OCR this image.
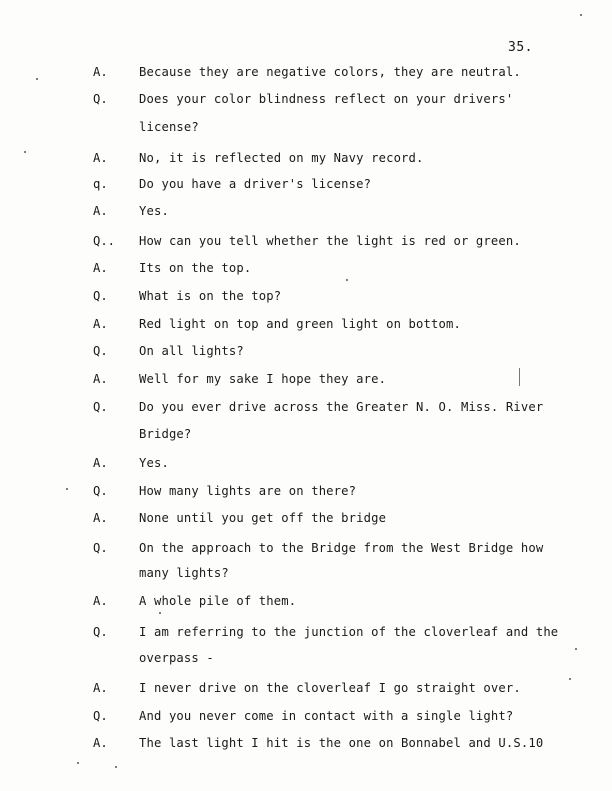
35.
A.	Because they are negative colors, they are neutral.
Q.	Does your color blindness reflect on your drivers'
license?
A.	No, it is reflected on my Navy record.
q.	Do you have a driver's license?
A.	Yes.
Q.. How can you tell whether the light is red or green.
A.	Its on the top.
Q.	What is on the top?
A.	Red light on top and green light on bottom.
Q.	On all lights?
A.	Well for my sake I hope they are.
Q.	Do you ever drive across the Greater N. O. Miss. River
Bridge?
A.	Yes.
Q.	How many lights are on there?
A.	None until you get off the bridge
Q.	On the approach to the Bridge from the West Bridge how
many lights?
A.	A whole pile of them.
Q.	I am referring to the junction of the cloverleaf and the
overpass -
A.	I never drive on the cloverleaf I go straight over.
Q.	And you never come in contact with a single light?
A.	The last light I hit is the one on Bonnabel and U.S.10
